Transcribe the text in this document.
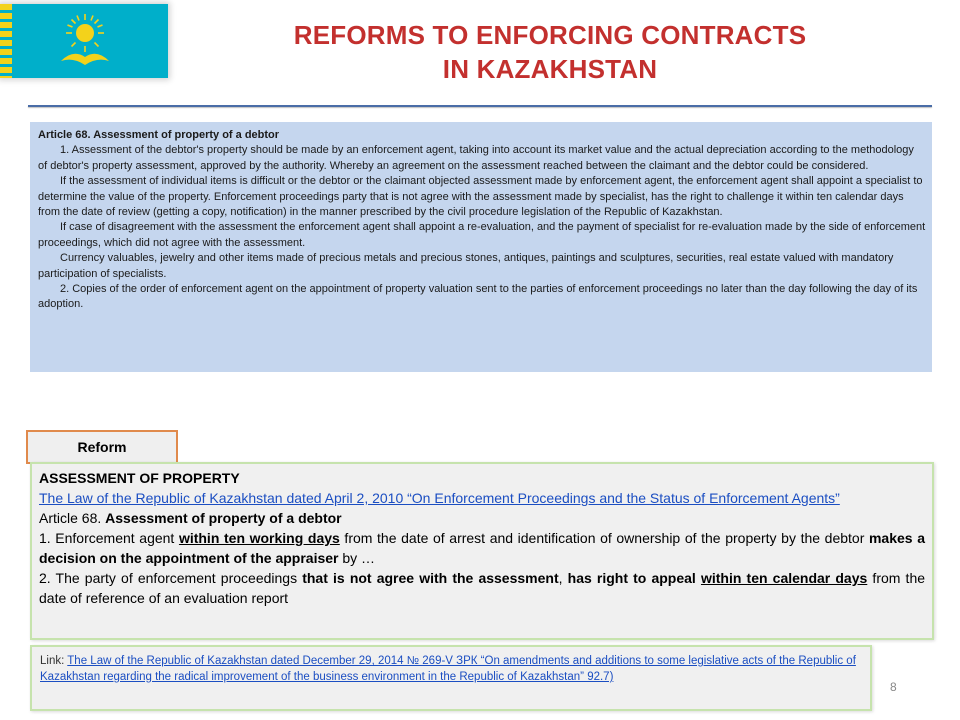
REFORMS TO ENFORCING CONTRACTS
IN KAZAKHSTAN

Article 68. Assessment of property of a debtor

1. Assessment of the debtor's property should be made by an enforcement agent, taking into account its market value and the actual depreciation according to the methodology of debtor's property assessment, approved by the authority. Whereby an agreement on the assessment reached between the claimant and the debtor could be considered.

If the assessment of individual items is difficult or the debtor or the claimant objected assessment made by enforcement agent, the enforcement agent shall appoint a specialist to determine the value of the property. Enforcement proceedings party that is not agree with the assessment made by specialist, has the right to challenge it within ten calendar days from the date of review (getting a copy, notification) in the manner prescribed by the civil procedure legislation of the Republic of Kazakhstan.

If case of disagreement with the assessment the enforcement agent shall appoint a re-evaluation, and the payment of specialist for re-evaluation made by the side of enforcement proceedings, which did not agree with the assessment.

Currency valuables, jewelry and other items made of precious metals and precious stones, antiques, paintings and sculptures, securities, real estate valued with mandatory participation of specialists.

2. Copies of the order of enforcement agent on the appointment of property valuation sent to the parties of enforcement proceedings no later than the day following the day of its adoption.

Reform

ASSESSMENT OF PROPERTY

The Law of the Republic of Kazakhstan dated April 2, 2010 “On Enforcement Proceedings and the Status of Enforcement Agents”

Article 68. Assessment of property of a debtor

1. Enforcement agent within ten working days from the date of arrest and identification of ownership of the property by the debtor makes a decision on the appointment of the appraiser by …

2. The party of enforcement proceedings that is not agree with the assessment, has right to appeal within ten calendar days from the date of reference of an evaluation report

Link: The Law of the Republic of Kazakhstan dated December 29, 2014 № 269-V ЗРК “On amendments and additions to some legislative acts of the Republic of Kazakhstan regarding the radical improvement of the business environment in the Republic of Kazakhstan” 92.7)
8
